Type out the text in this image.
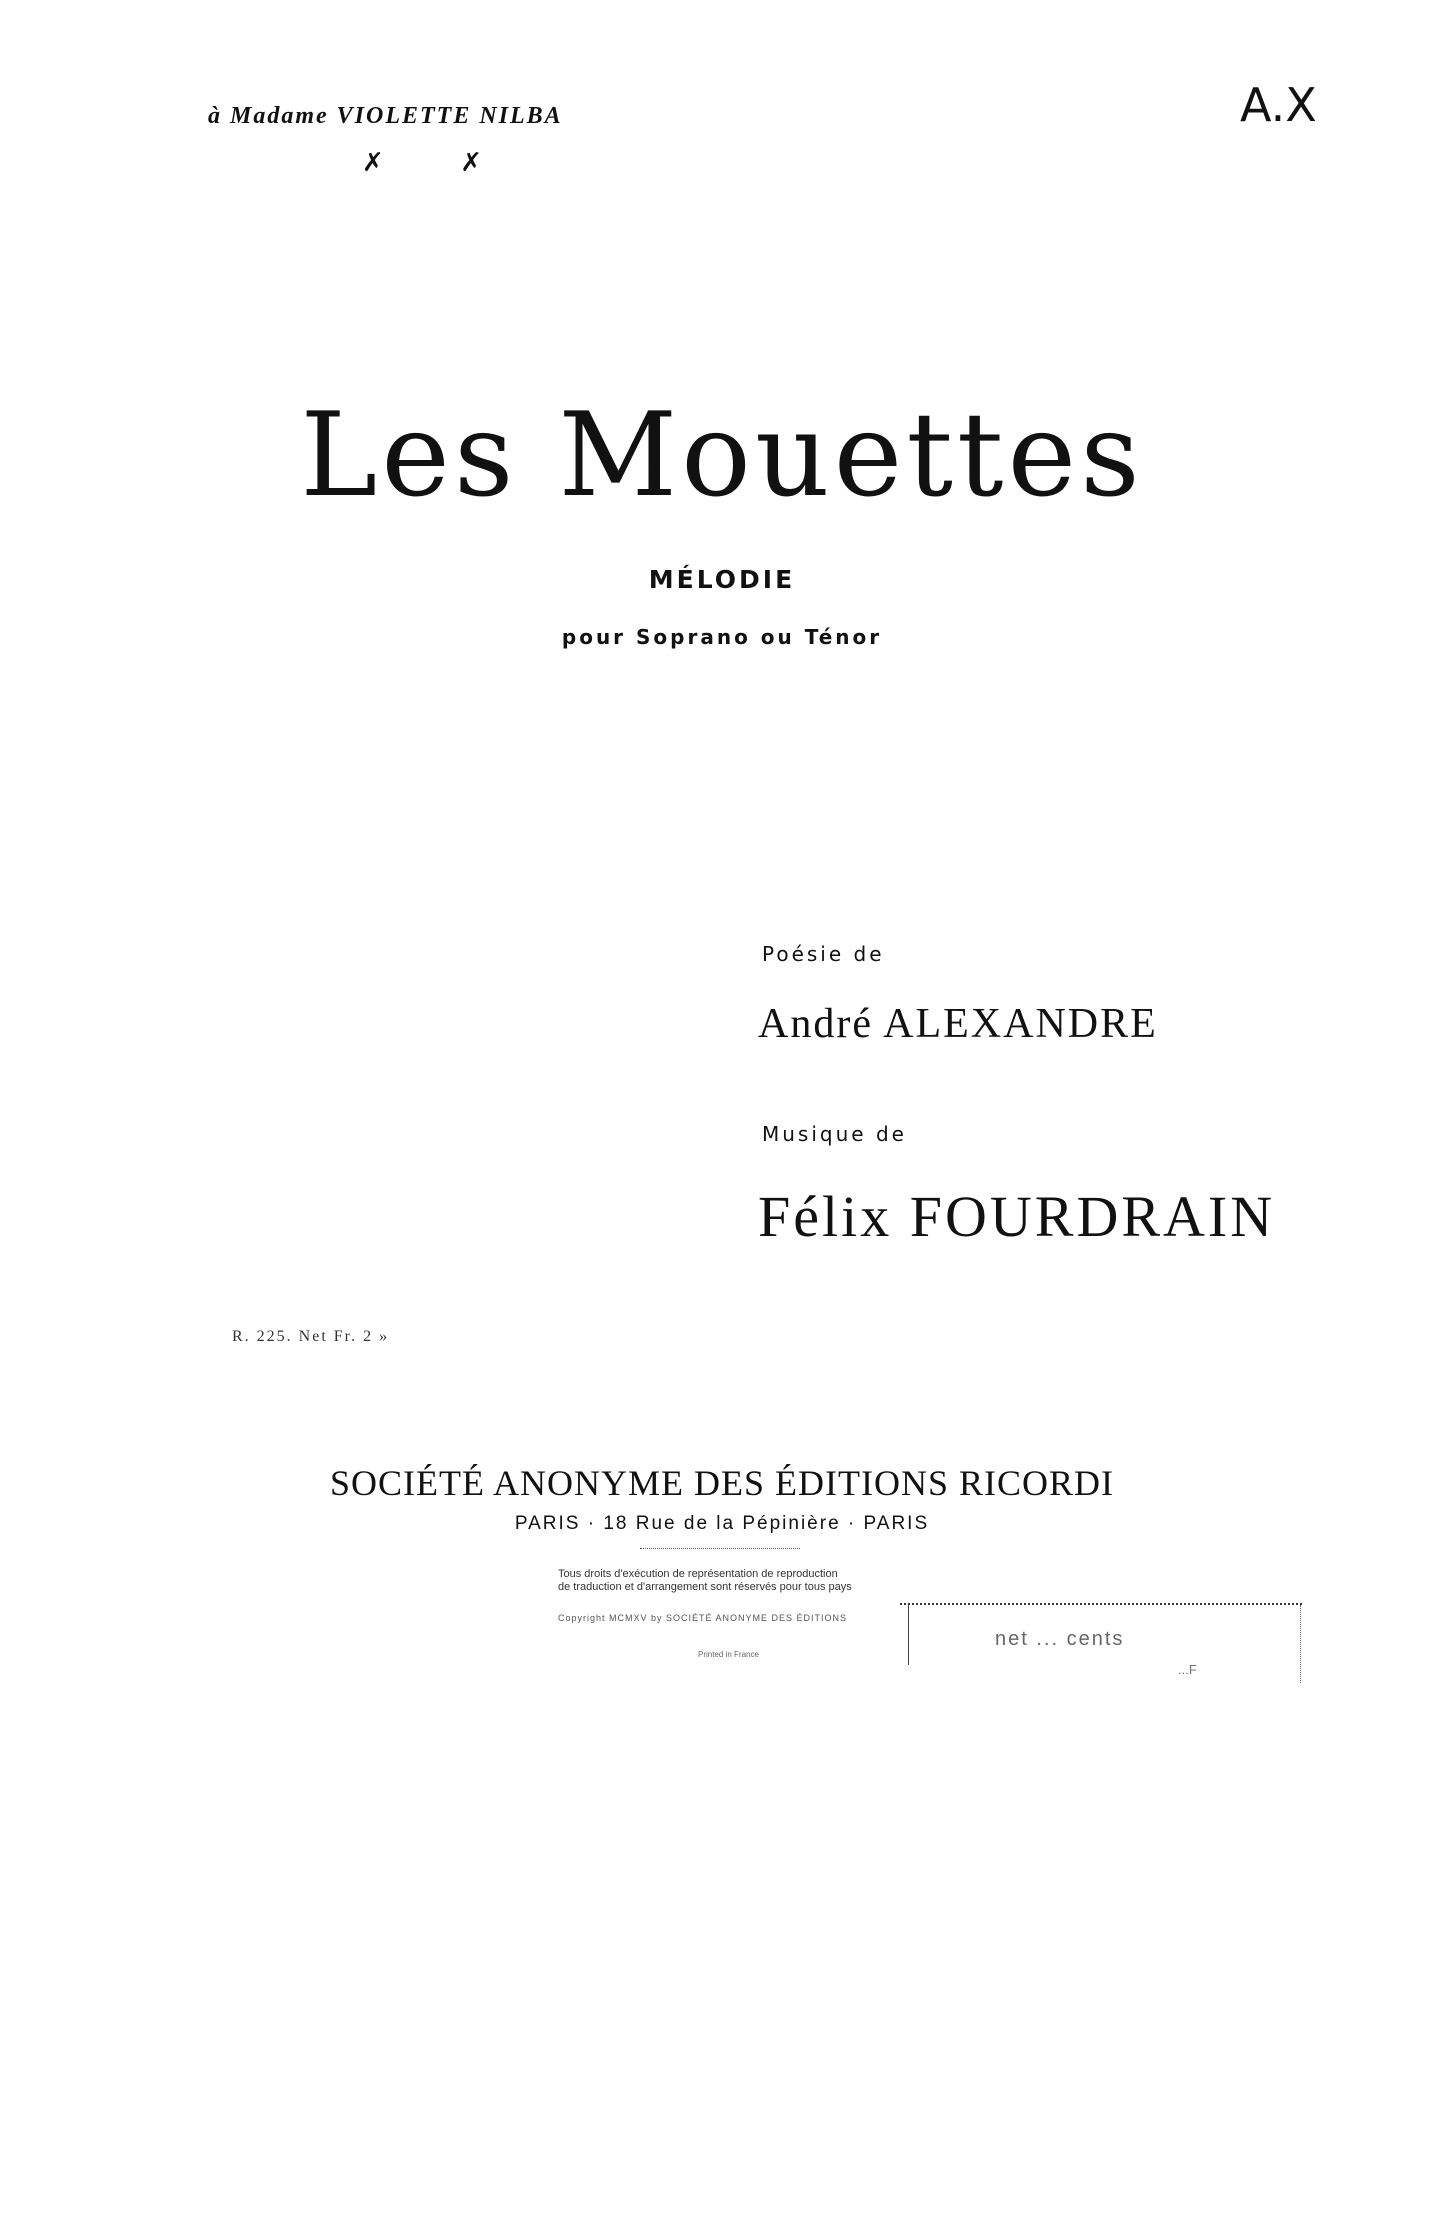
à Madame VIOLETTE NILBA
✗	✗
A.X
Les Mouettes
MÉLODIE
pour Soprano ou Ténor
Poésie de
André ALEXANDRE
Musique de
Félix FOURDRAIN
R. 225. Net Fr. 2 »
SOCIÉTÉ ANONYME DES ÉDITIONS RICORDI
PARIS · 18 Rue de la Pépinière · PARIS
Tous droits d'exécution de représentation de reproduction
de traduction et d'arrangement sont réservés pour tous pays
Copyright MCMXV by SOCIÉTÉ ANONYME DES ÉDITIONS
Printed in France
net ... cents
...F
